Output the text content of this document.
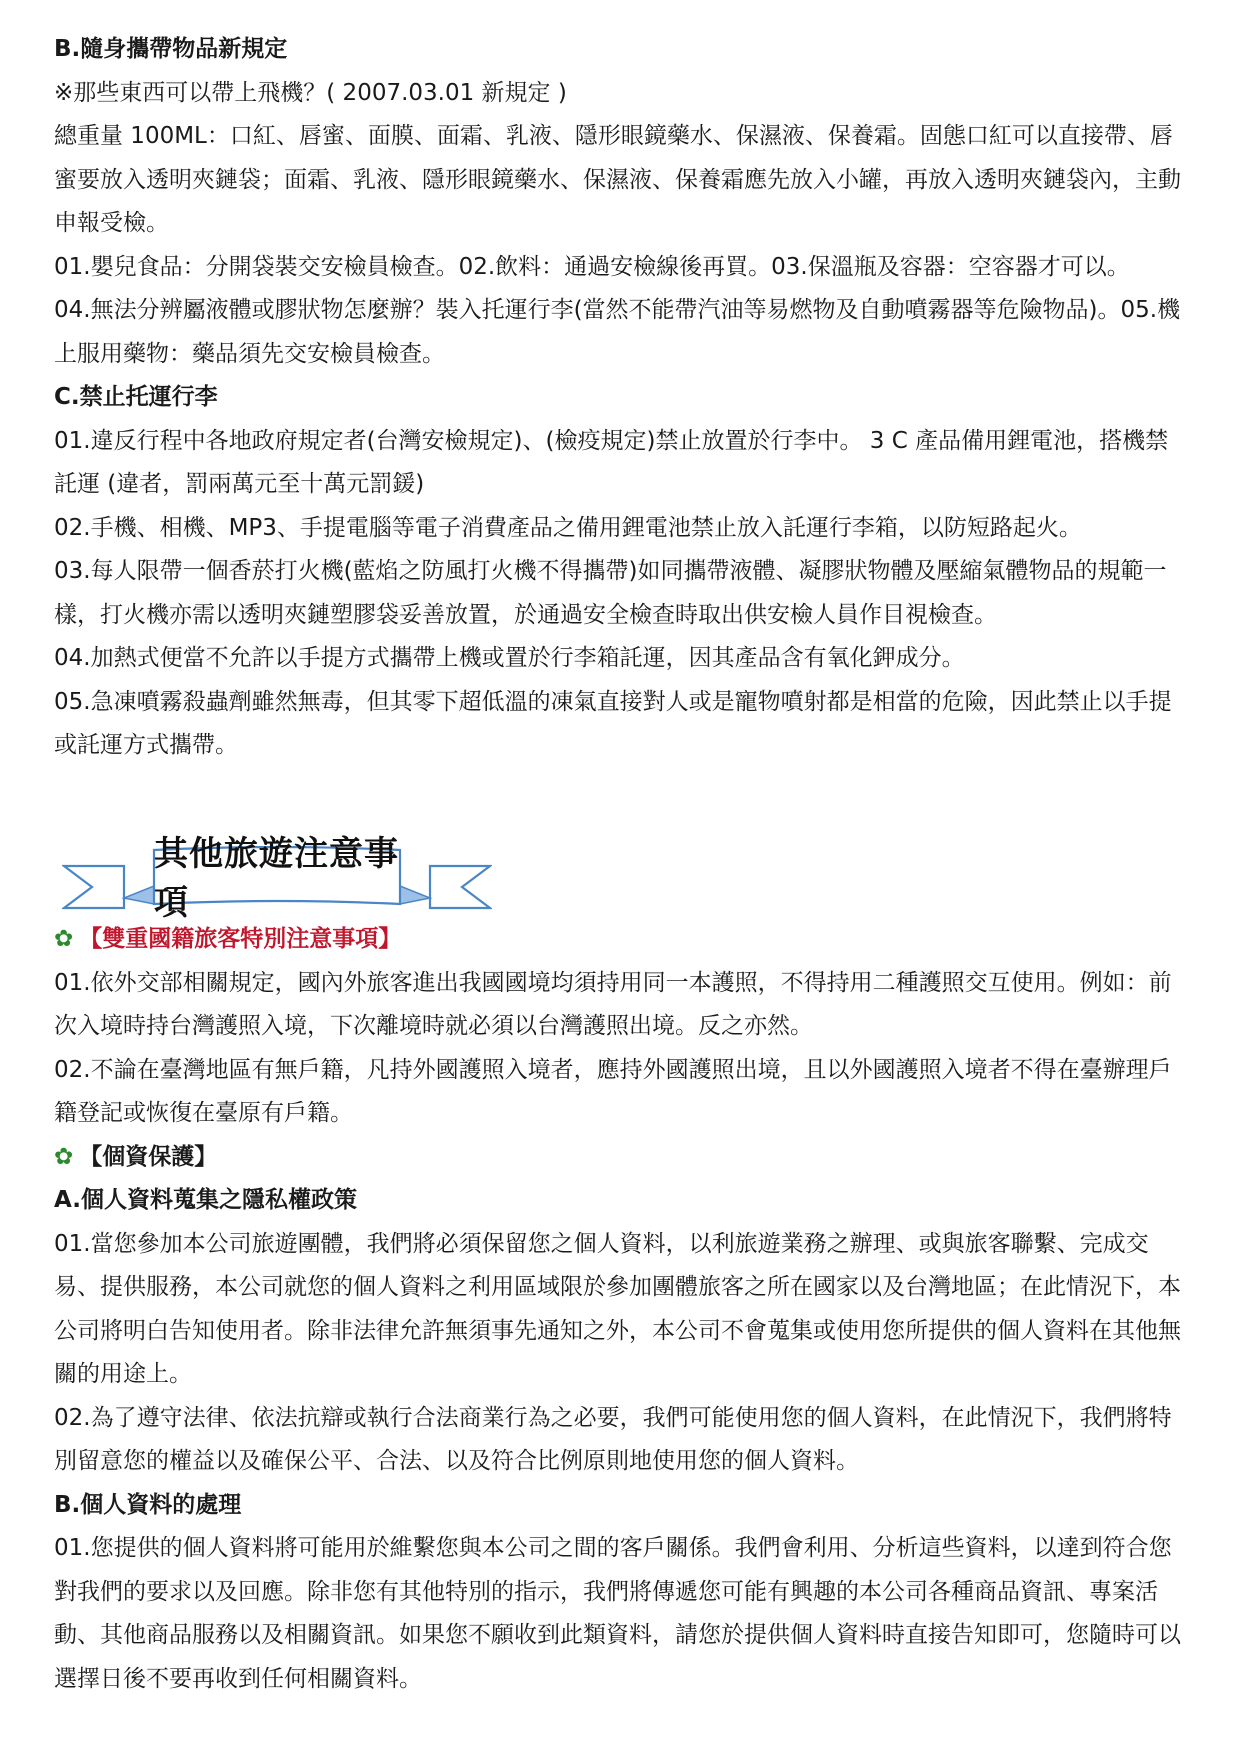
B.隨身攜帶物品新規定

※那些東西可以帶上飛機？( 2007.03.01 新規定 )

總重量 100ML：口紅、唇蜜、面膜、面霜、乳液、隱形眼鏡藥水、保濕液、保養霜。固態口紅可以直接帶、唇蜜要放入透明夾鏈袋；面霜、乳液、隱形眼鏡藥水、保濕液、保養霜應先放入小罐，再放入透明夾鏈袋內，主動申報受檢。

01.嬰兒食品：分開袋裝交安檢員檢查。02.飲料：通過安檢線後再買。03.保溫瓶及容器：空容器才可以。

04.無法分辨屬液體或膠狀物怎麼辦？裝入托運行李(當然不能帶汽油等易燃物及自動噴霧器等危險物品)。05.機上服用藥物：藥品須先交安檢員檢查。

C.禁止托運行李

01.違反行程中各地政府規定者(台灣安檢規定)、(檢疫規定)禁止放置於行李中。 3 C 產品備用鋰電池，搭機禁託運 (違者，罰兩萬元至十萬元罰鍰)

02.手機、相機、MP3、手提電腦等電子消費產品之備用鋰電池禁止放入託運行李箱，以防短路起火。

03.每人限帶一個香菸打火機(藍焰之防風打火機不得攜帶)如同攜帶液體、凝膠狀物體及壓縮氣體物品的規範一樣，打火機亦需以透明夾鏈塑膠袋妥善放置，於通過安全檢查時取出供安檢人員作目視檢查。

04.加熱式便當不允許以手提方式攜帶上機或置於行李箱託運，因其產品含有氧化鉀成分。

05.急凍噴霧殺蟲劑雖然無毒，但其零下超低溫的凍氣直接對人或是寵物噴射都是相當的危險，因此禁止以手提或託運方式攜帶。

其他旅遊注意事項

✿ 【雙重國籍旅客特別注意事項】

01.依外交部相關規定，國內外旅客進出我國國境均須持用同一本護照，不得持用二種護照交互使用。例如：前次入境時持台灣護照入境，下次離境時就必須以台灣護照出境。反之亦然。

02.不論在臺灣地區有無戶籍，凡持外國護照入境者，應持外國護照出境，且以外國護照入境者不得在臺辦理戶籍登記或恢復在臺原有戶籍。

✿ 【個資保護】

A.個人資料蒐集之隱私權政策

01.當您參加本公司旅遊團體，我們將必須保留您之個人資料，以利旅遊業務之辦理、或與旅客聯繫、完成交易、提供服務，本公司就您的個人資料之利用區域限於參加團體旅客之所在國家以及台灣地區；在此情況下，本公司將明白告知使用者。除非法律允許無須事先通知之外，本公司不會蒐集或使用您所提供的個人資料在其他無關的用途上。

02.為了遵守法律、依法抗辯或執行合法商業行為之必要，我們可能使用您的個人資料，在此情況下，我們將特別留意您的權益以及確保公平、合法、以及符合比例原則地使用您的個人資料。

B.個人資料的處理

01.您提供的個人資料將可能用於維繫您與本公司之間的客戶關係。我們會利用、分析這些資料，以達到符合您對我們的要求以及回應。除非您有其他特別的指示，我們將傳遞您可能有興趣的本公司各種商品資訊、專案活動、其他商品服務以及相關資訊。如果您不願收到此類資料，請您於提供個人資料時直接告知即可，您隨時可以選擇日後不要再收到任何相關資料。
